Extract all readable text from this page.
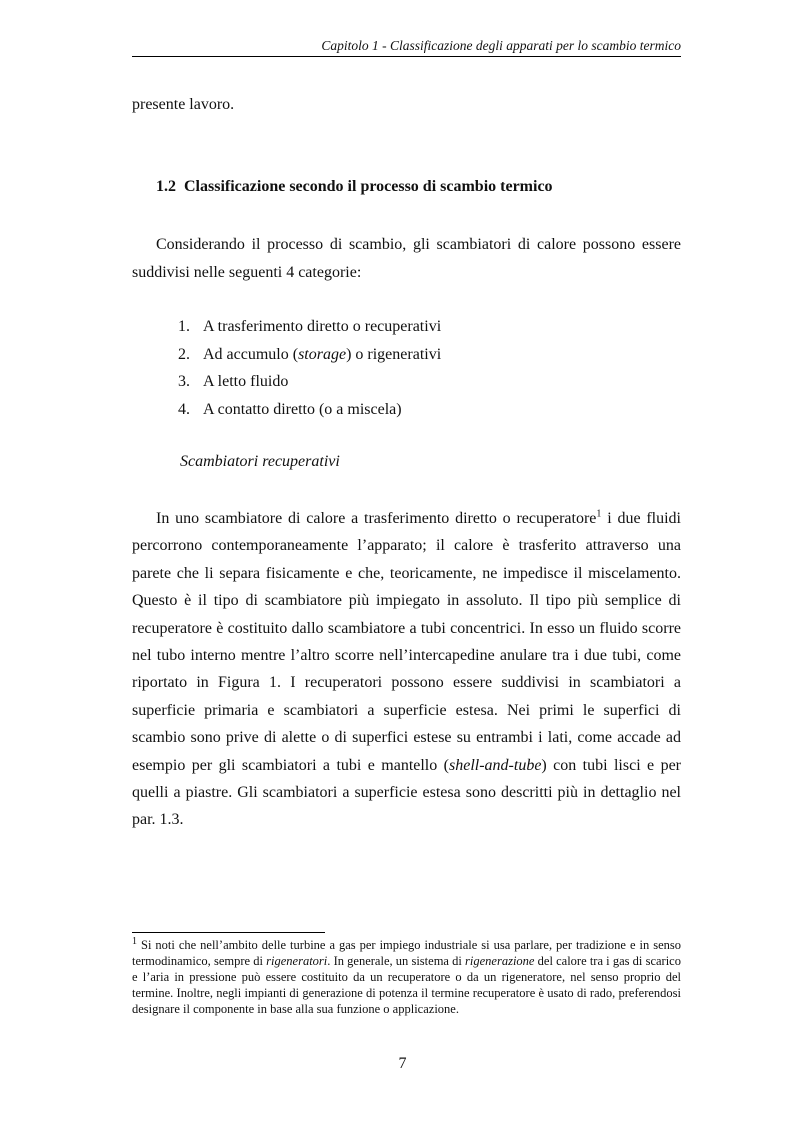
Capitolo 1 - Classificazione degli apparati per lo scambio termico
presente lavoro.
1.2 Classificazione secondo il processo di scambio termico
Considerando il processo di scambio, gli scambiatori di calore possono essere suddivisi nelle seguenti 4 categorie:
1. A trasferimento diretto o recuperativi
2. Ad accumulo (storage) o rigenerativi
3. A letto fluido
4. A contatto diretto (o a miscela)
Scambiatori recuperativi
In uno scambiatore di calore a trasferimento diretto o recuperatore$^1$ i due fluidi percorrono contemporaneamente l’apparato; il calore è trasferito attraverso una parete che li separa fisicamente e che, teoricamente, ne impedisce il miscelamento. Questo è il tipo di scambiatore più impiegato in assoluto. Il tipo più semplice di recuperatore è costituito dallo scambiatore a tubi concentrici. In esso un fluido scorre nel tubo interno mentre l’altro scorre nell’intercapedine anulare tra i due tubi, come riportato in Figura 1. I recuperatori possono essere suddivisi in scambiatori a superficie primaria e scambiatori a superficie estesa. Nei primi le superfici di scambio sono prive di alette o di superfici estese su entrambi i lati, come accade ad esempio per gli scambiatori a tubi e mantello (shell-and-tube) con tubi lisci e per quelli a piastre. Gli scambiatori a superficie estesa sono descritti più in dettaglio nel par. 1.3.
$^1$ Si noti che nell’ambito delle turbine a gas per impiego industriale si usa parlare, per tradizione e in senso termodinamico, sempre di rigeneratori. In generale, un sistema di rigenerazione del calore tra i gas di scarico e l’aria in pressione può essere costituito da un recuperatore o da un rigeneratore, nel senso proprio del termine. Inoltre, negli impianti di generazione di potenza il termine recuperatore è usato di rado, preferendosi designare il componente in base alla sua funzione o applicazione.
7
